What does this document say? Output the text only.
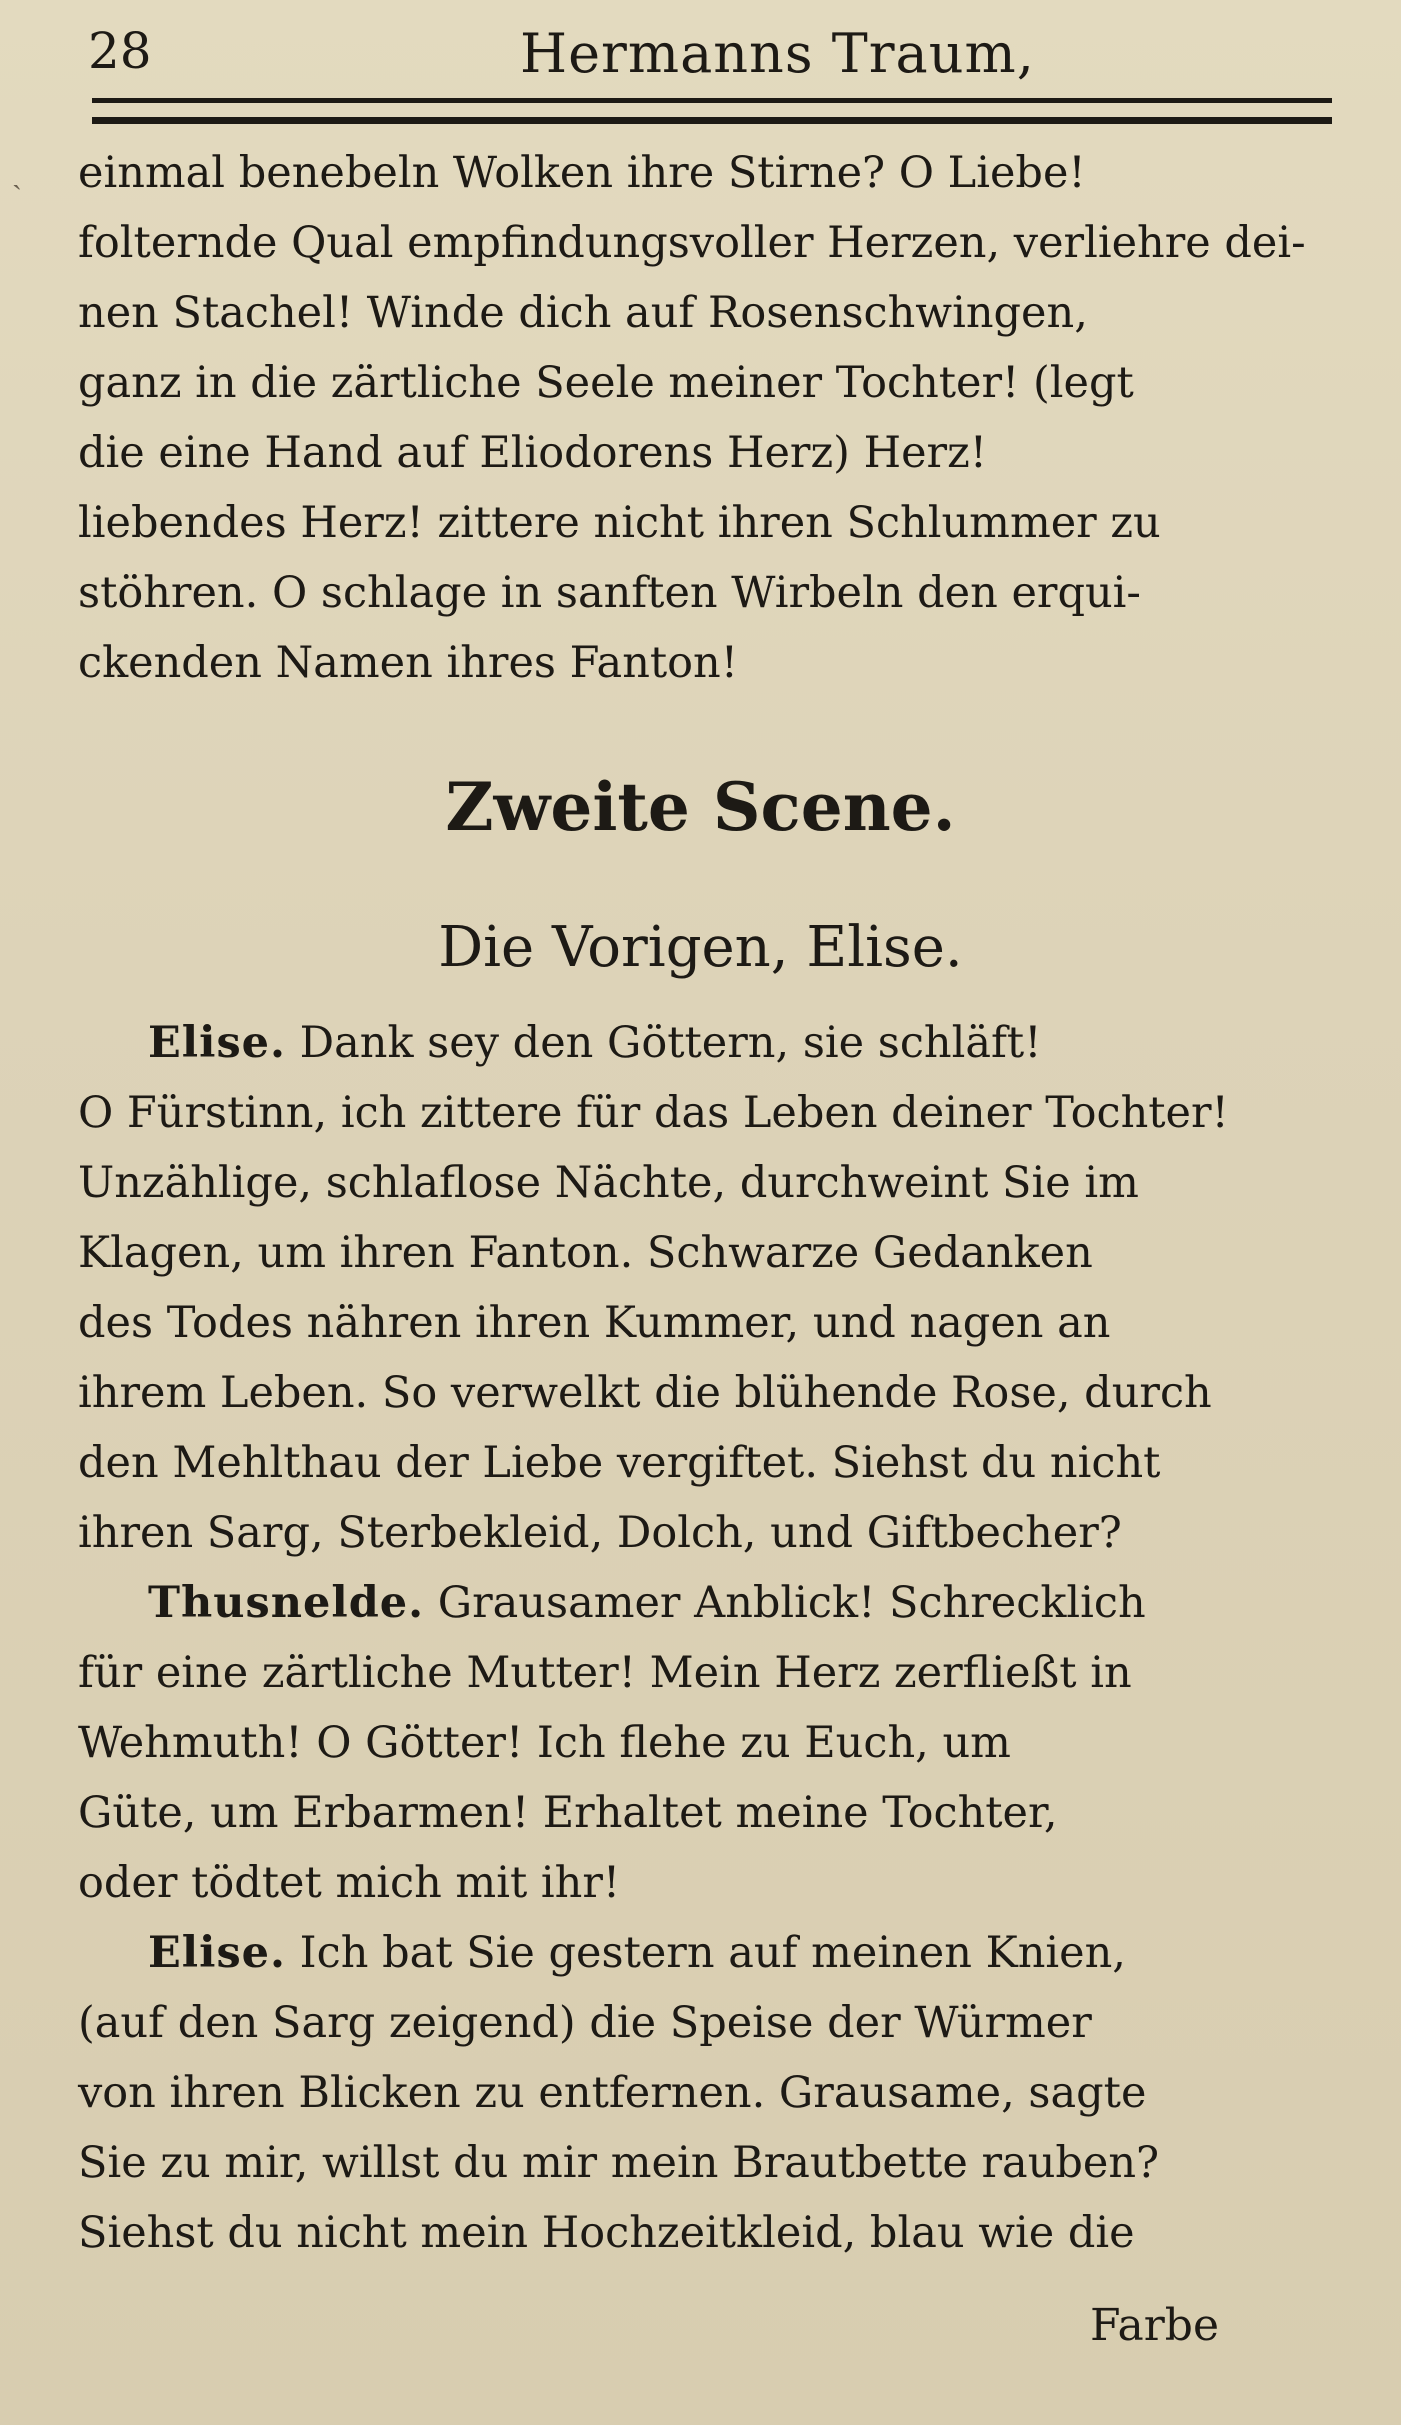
28	Hermanns Traum,
ˏ einmal benebeln Wolken ihre Stirne? O Liebe!
folternde Qual empfindungsvoller Herzen, verliehre dei-
nen Stachel! Winde dich auf Rosenschwingen,
ganz in die zärtliche Seele meiner Tochter! (legt
die eine Hand auf Eliodorens Herz) Herz!
liebendes Herz! zittere nicht ihren Schlummer zu
stöhren. O schlage in sanften Wirbeln den erqui-
ckenden Namen ihres Fanton!
Zweite Scene.
Die Vorigen, Elise.
Elise. Dank sey den Göttern, sie schläft!
O Fürstinn, ich zittere für das Leben deiner Tochter!
Unzählige, schlaflose Nächte, durchweint Sie im
Klagen, um ihren Fanton. Schwarze Gedanken
des Todes nähren ihren Kummer, und nagen an
ihrem Leben. So verwelkt die blühende Rose, durch
den Mehlthau der Liebe vergiftet. Siehst du nicht
ihren Sarg, Sterbekleid, Dolch, und Giftbecher?
Thusnelde. Grausamer Anblick! Schrecklich
für eine zärtliche Mutter! Mein Herz zerfließt in
Wehmuth! O Götter! Ich flehe zu Euch, um
Güte, um Erbarmen! Erhaltet meine Tochter,
oder tödtet mich mit ihr!
Elise. Ich bat Sie gestern auf meinen Knien,
(auf den Sarg zeigend) die Speise der Würmer
von ihren Blicken zu entfernen. Grausame, sagte
Sie zu mir, willst du mir mein Brautbette rauben?
Siehst du nicht mein Hochzeitkleid, blau wie die
Farbe
